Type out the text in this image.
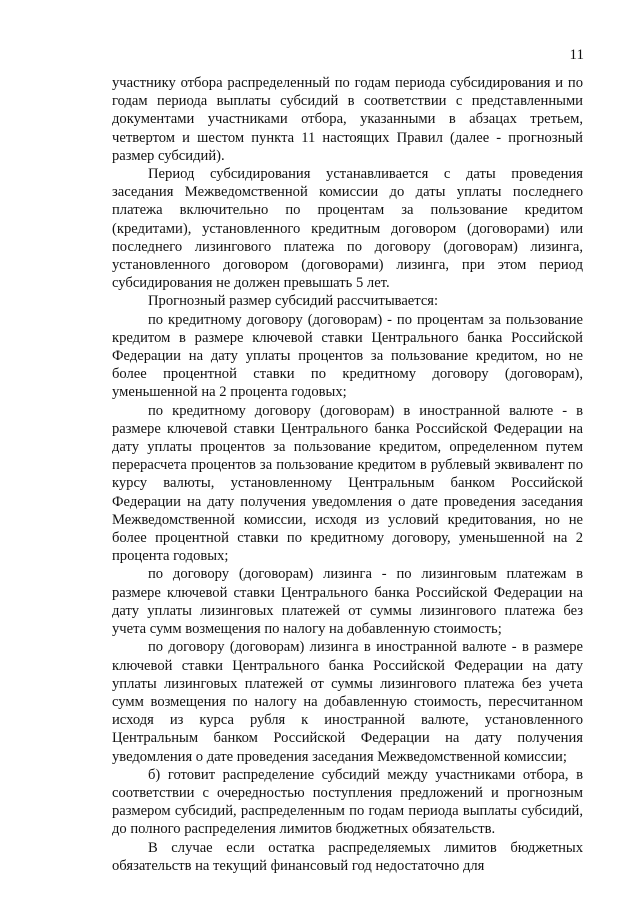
11

участнику отбора распределенный по годам периода субсидирования и по годам периода выплаты субсидий в соответствии с представленными документами участниками отбора, указанными в абзацах третьем, четвертом и шестом пункта 11 настоящих Правил (далее - прогнозный размер субсидий).

Период субсидирования устанавливается с даты проведения заседания Межведомственной комиссии до даты уплаты последнего платежа включительно по процентам за пользование кредитом (кредитами), установленного кредитным договором (договорами) или последнего лизингового платежа по договору (договорам) лизинга, установленного договором (договорами) лизинга, при этом период субсидирования не должен превышать 5 лет.

Прогнозный размер субсидий рассчитывается:

по кредитному договору (договорам) - по процентам за пользование кредитом в размере ключевой ставки Центрального банка Российской Федерации на дату уплаты процентов за пользование кредитом, но не более процентной ставки по кредитному договору (договорам), уменьшенной на 2 процента годовых;

по кредитному договору (договорам) в иностранной валюте - в размере ключевой ставки Центрального банка Российской Федерации на дату уплаты процентов за пользование кредитом, определенном путем перерасчета процентов за пользование кредитом в рублевый эквивалент по курсу валюты, установленному Центральным банком Российской Федерации на дату получения уведомления о дате проведения заседания Межведомственной комиссии, исходя из условий кредитования, но не более процентной ставки по кредитному договору, уменьшенной на 2 процента годовых;

по договору (договорам) лизинга - по лизинговым платежам в размере ключевой ставки Центрального банка Российской Федерации на дату уплаты лизинговых платежей от суммы лизингового платежа без учета сумм возмещения по налогу на добавленную стоимость;

по договору (договорам) лизинга в иностранной валюте - в размере ключевой ставки Центрального банка Российской Федерации на дату уплаты лизинговых платежей от суммы лизингового платежа без учета сумм возмещения по налогу на добавленную стоимость, пересчитанном исходя из курса рубля к иностранной валюте, установленного Центральным банком Российской Федерации на дату получения уведомления о дате проведения заседания Межведомственной комиссии;

б) готовит распределение субсидий между участниками отбора, в соответствии с очередностью поступления предложений и прогнозным размером субсидий, распределенным по годам периода выплаты субсидий, до полного распределения лимитов бюджетных обязательств.

В случае если остатка распределяемых лимитов бюджетных обязательств на текущий финансовый год недостаточно для
